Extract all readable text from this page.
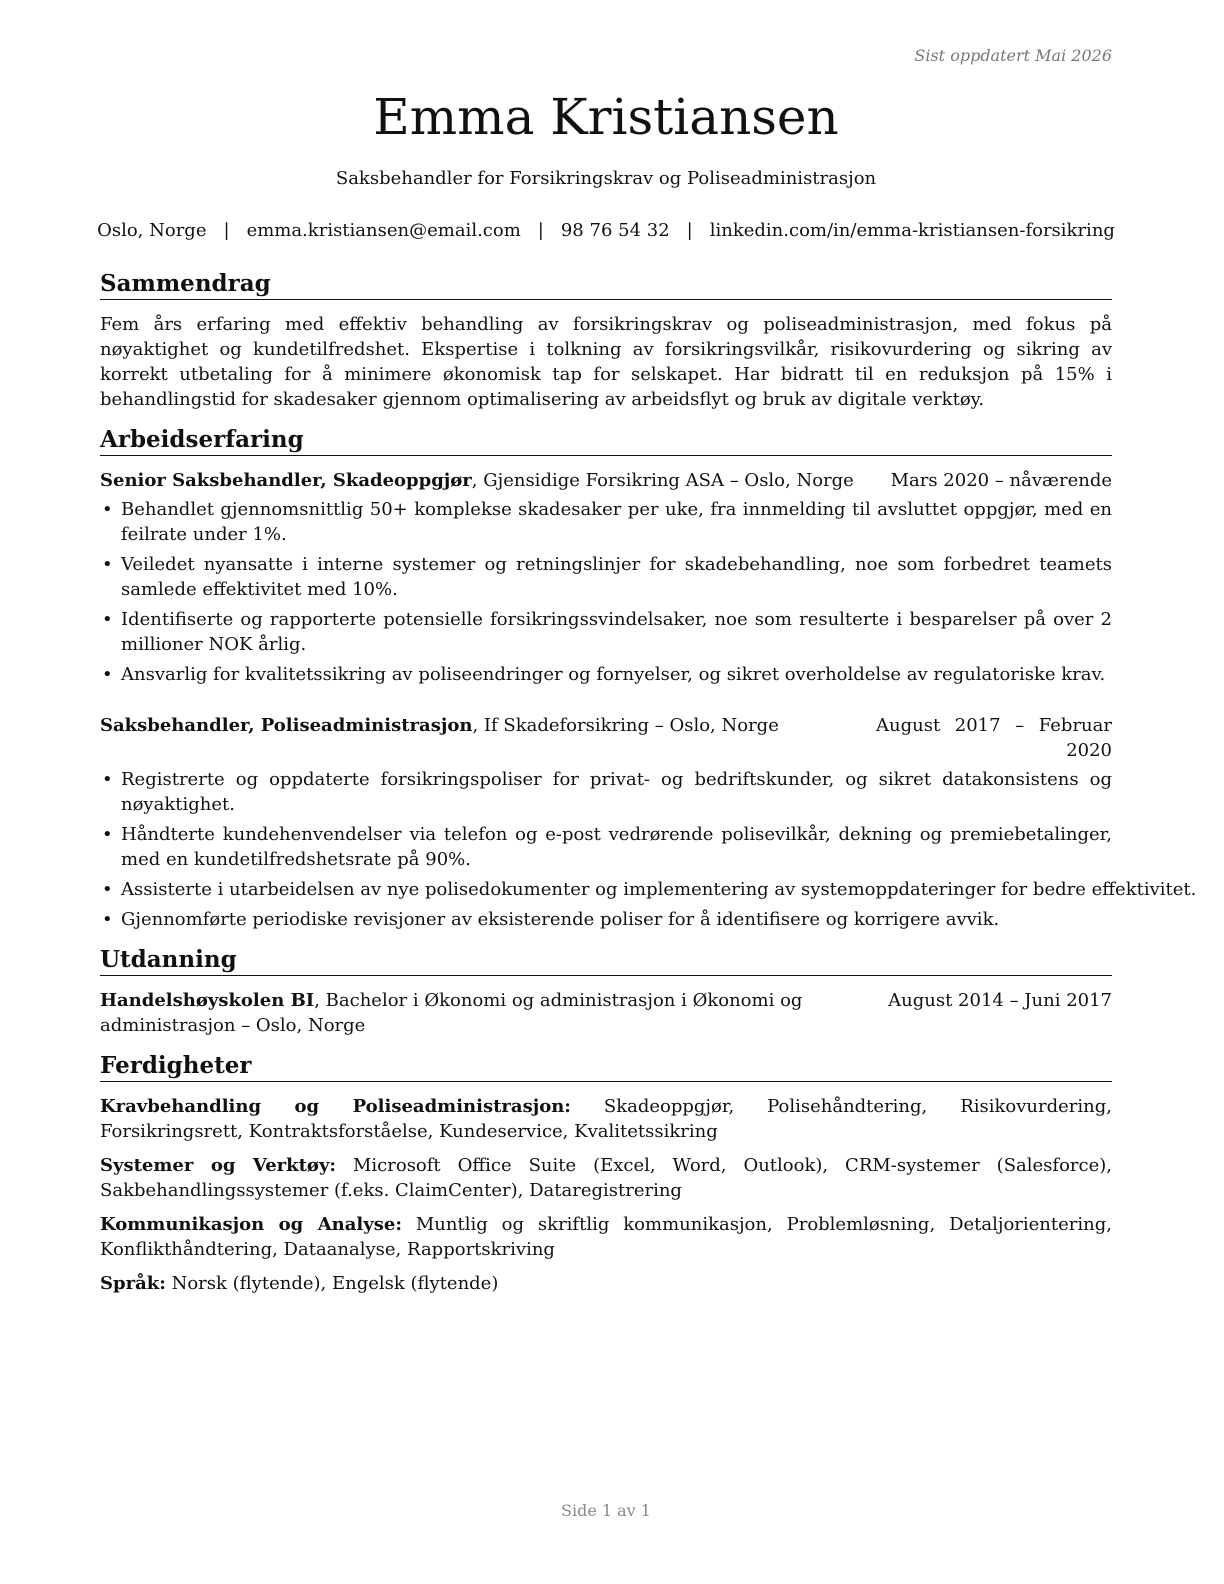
Sist oppdatert Mai 2026
Emma Kristiansen
Saksbehandler for Forsikringskrav og Poliseadministrasjon
Oslo, Norge | emma.kristiansen@email.com | 98 76 54 32 | linkedin.com/in/emma-kristiansen-forsikring
Sammendrag

Fem års erfaring med effektiv behandling av forsikringskrav og poliseadministrasjon, med fokus på nøyaktighet og kundetilfredshet. Ekspertise i tolkning av forsikringsvilkår, risikovurdering og sikring av korrekt utbetaling for å minimere økonomisk tap for selskapet. Har bidratt til en reduksjon på 15% i behandlingstid for skadesaker gjennom optimalisering av arbeidsflyt og bruk av digitale verktøy.

Arbeidserfaring
Senior Saksbehandler, Skadeoppgjør, Gjensidige Forsikring ASA – Oslo, Norge	Mars 2020 – nåværende
• Behandlet gjennomsnittlig 50+ komplekse skadesaker per uke, fra innmelding til avsluttet oppgjør, med en feilrate under 1%.
• Veiledet nyansatte i interne systemer og retningslinjer for skadebehandling, noe som forbedret teamets samlede effektivitet med 10%.
• Identifiserte og rapporterte potensielle forsikringssvindelsaker, noe som resulterte i besparelser på over 2 millioner NOK årlig.
• Ansvarlig for kvalitetssikring av poliseendringer og fornyelser, og sikret overholdelse av regulatoriske krav.
Saksbehandler, Poliseadministrasjon, If Skadeforsikring – Oslo, Norge	August 2017 – Februar 2020
• Registrerte og oppdaterte forsikringspoliser for privat- og bedriftskunder, og sikret datakonsistens og nøyaktighet.
• Håndterte kundehenvendelser via telefon og e-post vedrørende polisevilkår, dekning og premiebetalinger, med en kundetilfredshetsrate på 90%.
• Assisterte i utarbeidelsen av nye polisedokumenter og implementering av systemoppdateringer for bedre effektivitet.
• Gjennomførte periodiske revisjoner av eksisterende poliser for å identifisere og korrigere avvik.
Utdanning
Handelshøyskolen BI, Bachelor i Økonomi og administrasjon i Økonomi og administrasjon – Oslo, Norge
August 2014 – Juni 2017
Ferdigheter
Kravbehandling og Poliseadministrasjon: Skadeoppgjør, Polisehåndtering, Risikovurdering, Forsikringsrett, Kontraktsforståelse, Kundeservice, Kvalitetssikring
Systemer og Verktøy: Microsoft Office Suite (Excel, Word, Outlook), CRM-systemer (Salesforce), Sakbehandlingssystemer (f.eks. ClaimCenter), Dataregistrering
Kommunikasjon og Analyse: Muntlig og skriftlig kommunikasjon, Problemløsning, Detaljorientering, Konflikthåndtering, Dataanalyse, Rapportskriving
Språk: Norsk (flytende), Engelsk (flytende)
Side 1 av 1
